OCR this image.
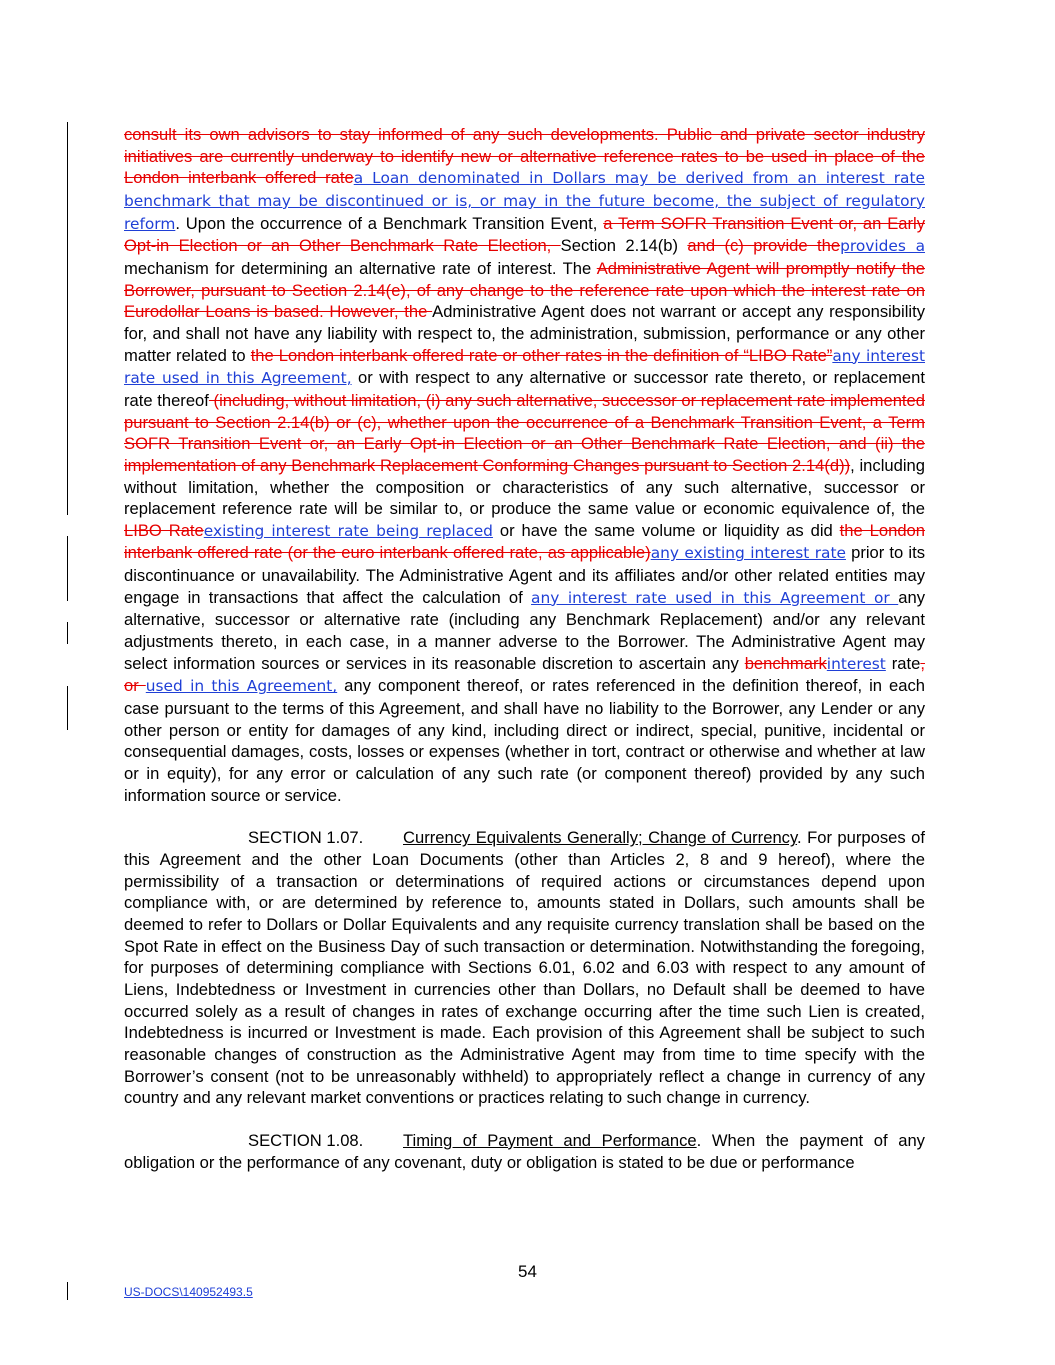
consult its own advisors to stay informed of any such developments. Public and private sector industry initiatives are currently underway to identify new or alternative reference rates to be used in place of the London interbank offered ratea Loan denominated in Dollars may be derived from an interest rate benchmark that may be discontinued or is, or may in the future become, the subject of regulatory reform. Upon the occurrence of a Benchmark Transition Event, a Term SOFR Transition Event or, an Early Opt-in Election or an Other Benchmark Rate Election, Section 2.14(b) and (c) provide theprovides a mechanism for determining an alternative rate of interest. The Administrative Agent will promptly notify the Borrower, pursuant to Section 2.14(e), of any change to the reference rate upon which the interest rate on Eurodollar Loans is based. However, the Administrative Agent does not warrant or accept any responsibility for, and shall not have any liability with respect to, the administration, submission, performance or any other matter related to the London interbank offered rate or other rates in the definition of “LIBO Rate”any interest rate used in this Agreement, or with respect to any alternative or successor rate thereto, or replacement rate thereof (including, without limitation, (i) any such alternative, successor or replacement rate implemented pursuant to Section 2.14(b) or (c), whether upon the occurrence of a Benchmark Transition Event, a Term SOFR Transition Event or, an Early Opt-in Election or an Other Benchmark Rate Election, and (ii) the implementation of any Benchmark Replacement Conforming Changes pursuant to Section 2.14(d)), including without limitation, whether the composition or characteristics of any such alternative, successor or replacement reference rate will be similar to, or produce the same value or economic equivalence of, the LIBO Rateexisting interest rate being replaced or have the same volume or liquidity as did the London interbank offered rate (or the euro interbank offered rate, as applicable)any existing interest rate prior to its discontinuance or unavailability. The Administrative Agent and its affiliates and/or other related entities may engage in transactions that affect the calculation of any interest rate used in this Agreement or any alternative, successor or alternative rate (including any Benchmark Replacement) and/or any relevant adjustments thereto, in each case, in a manner adverse to the Borrower. The Administrative Agent may select information sources or services in its reasonable discretion to ascertain any benchmarkinterest rate, or used in this Agreement, any component thereof, or rates referenced in the definition thereof, in each case pursuant to the terms of this Agreement, and shall have no liability to the Borrower, any Lender or any other person or entity for damages of any kind, including direct or indirect, special, punitive, incidental or consequential damages, costs, losses or expenses (whether in tort, contract or otherwise and whether at law or in equity), for any error or calculation of any such rate (or component thereof) provided by any such information source or service.

SECTION 1.07. Currency Equivalents Generally; Change of Currency. For purposes of this Agreement and the other Loan Documents (other than Articles 2, 8 and 9 hereof), where the permissibility of a transaction or determinations of required actions or circumstances depend upon compliance with, or are determined by reference to, amounts stated in Dollars, such amounts shall be deemed to refer to Dollars or Dollar Equivalents and any requisite currency translation shall be based on the Spot Rate in effect on the Business Day of such transaction or determination. Notwithstanding the foregoing, for purposes of determining compliance with Sections 6.01, 6.02 and 6.03 with respect to any amount of Liens, Indebtedness or Investment in currencies other than Dollars, no Default shall be deemed to have occurred solely as a result of changes in rates of exchange occurring after the time such Lien is created, Indebtedness is incurred or Investment is made. Each provision of this Agreement shall be subject to such reasonable changes of construction as the Administrative Agent may from time to time specify with the Borrower’s consent (not to be unreasonably withheld) to appropriately reflect a change in currency of any country and any relevant market conventions or practices relating to such change in currency.

SECTION 1.08. Timing of Payment and Performance. When the payment of any obligation or the performance of any covenant, duty or obligation is stated to be due or performance

54
US-DOCS\140952493.5
